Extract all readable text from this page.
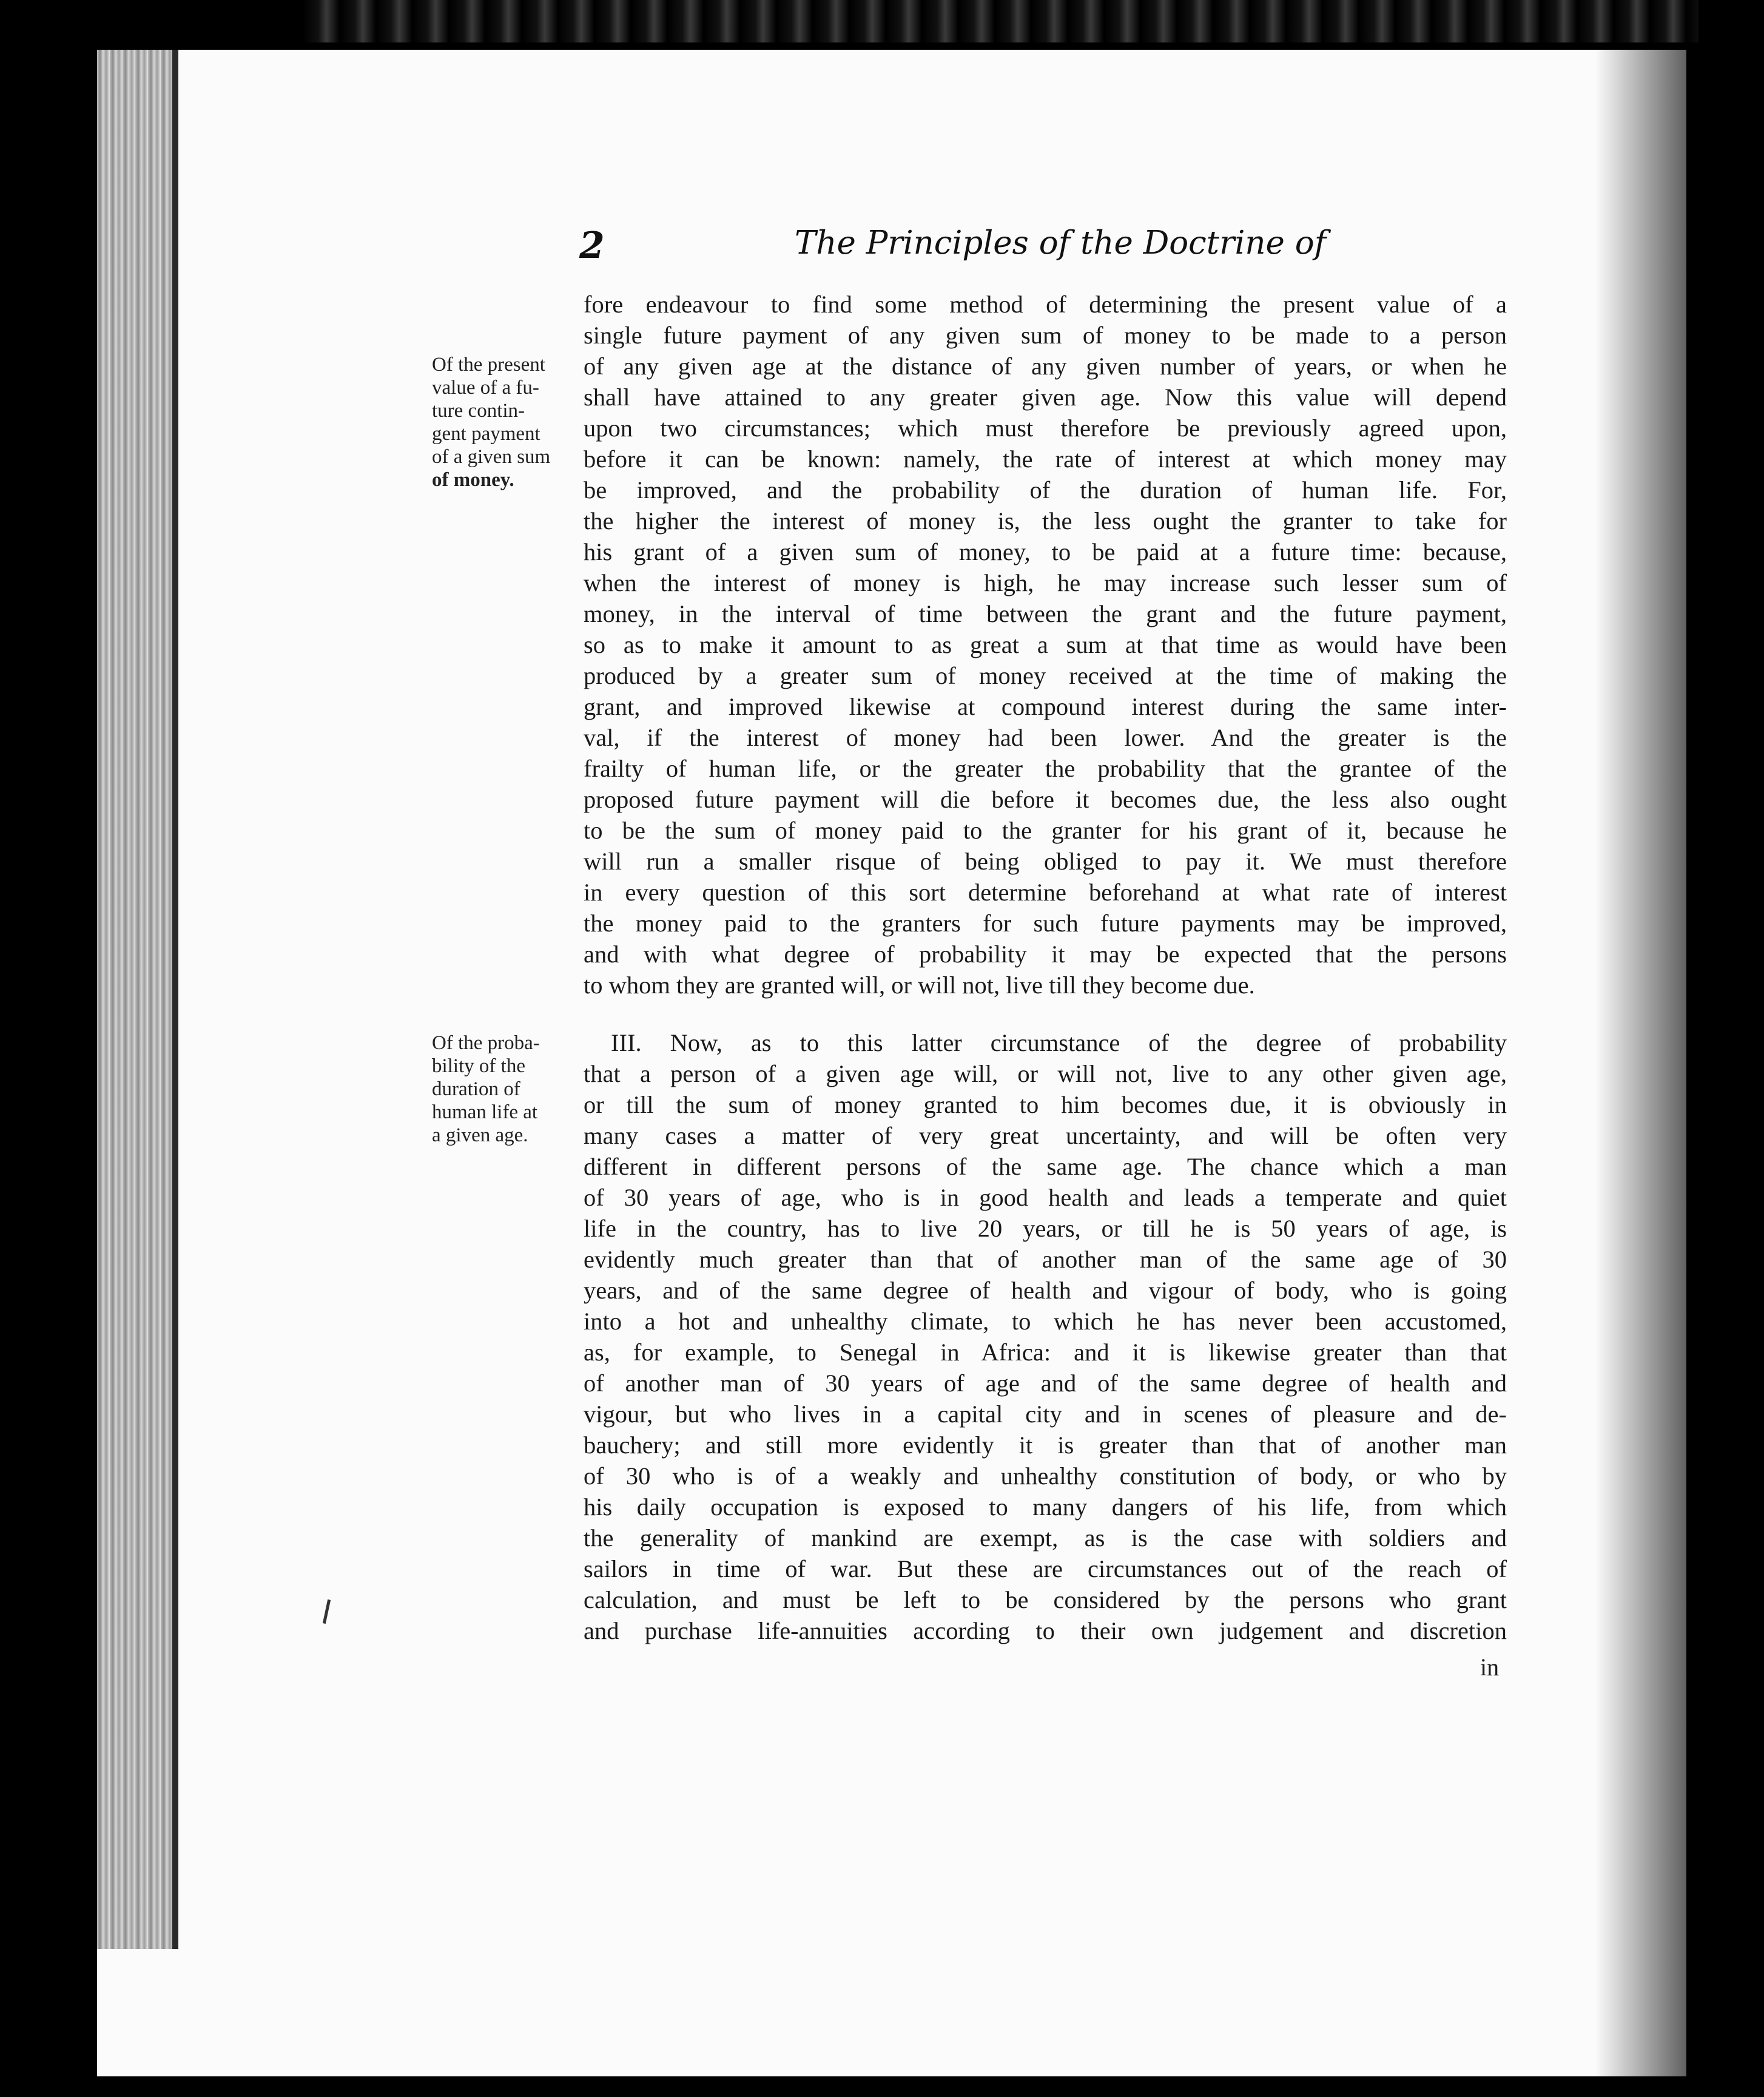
2	The Principles of the Doctrine of
Of the present
value of a fu-
ture contin-
gent payment
of a given sum
of money.
Of the proba-
bility of the
duration of
human life at
a given age.
fore endeavour to find some method of determining the present value of a
single future payment of any given sum of money to be made to a person
of any given age at the distance of any given number of years, or when he
shall have attained to any greater given age. Now this value will depend
upon two circumstances; which must therefore be previously agreed upon,
before it can be known: namely, the rate of interest at which money may
be improved, and the probability of the duration of human life. For,
the higher the interest of money is, the less ought the granter to take for
his grant of a given sum of money, to be paid at a future time: because,
when the interest of money is high, he may increase such lesser sum of
money, in the interval of time between the grant and the future payment,
so as to make it amount to as great a sum at that time as would have been
produced by a greater sum of money received at the time of making the
grant, and improved likewise at compound interest during the same inter-
val, if the interest of money had been lower. And the greater is the
frailty of human life, or the greater the probability that the grantee of the
proposed future payment will die before it becomes due, the less also ought
to be the sum of money paid to the granter for his grant of it, because he
will run a smaller risque of being obliged to pay it. We must therefore
in every question of this sort determine beforehand at what rate of interest
the money paid to the granters for such future payments may be improved,
and with what degree of probability it may be expected that the persons
to whom they are granted will, or will not, live till they become due.
III. Now, as to this latter circumstance of the degree of probability
that a person of a given age will, or will not, live to any other given age,
or till the sum of money granted to him becomes due, it is obviously in
many cases a matter of very great uncertainty, and will be often very
different in different persons of the same age. The chance which a man
of 30 years of age, who is in good health and leads a temperate and quiet
life in the country, has to live 20 years, or till he is 50 years of age, is
evidently much greater than that of another man of the same age of 30
years, and of the same degree of health and vigour of body, who is going
into a hot and unhealthy climate, to which he has never been accustomed,
as, for example, to Senegal in Africa: and it is likewise greater than that
of another man of 30 years of age and of the same degree of health and
vigour, but who lives in a capital city and in scenes of pleasure and de-
bauchery; and still more evidently it is greater than that of another man
of 30 who is of a weakly and unhealthy constitution of body, or who by
his daily occupation is exposed to many dangers of his life, from which
the generality of mankind are exempt, as is the case with soldiers and
sailors in time of war. But these are circumstances out of the reach of
calculation, and must be left to be considered by the persons who grant
and purchase life-annuities according to their own judgement and discretion
in
